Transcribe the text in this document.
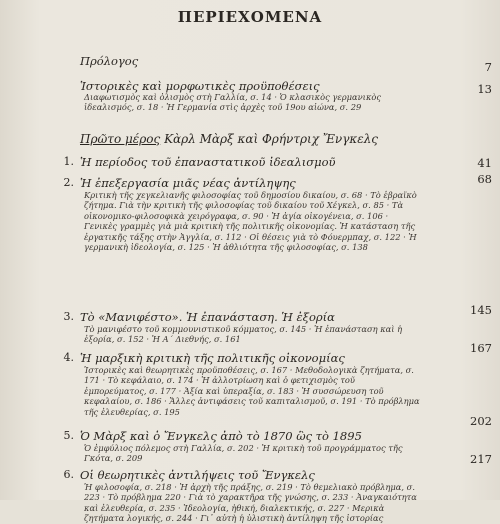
ΠΕΡΙΕΧΟΜΕΝΑ
Πρόλογος	7
Ἱστορικὲς καὶ μορφωτικὲς προϋποθέσεις
Διαφωτισμὸς καὶ ὀλισμὸς στὴ Γαλλία, σ. 14 · Ὁ κλασικὸς γερμανικὸς ἰδεαλισμός, σ. 18 · Ἡ Γερμανία στὶς ἀρχὲς τοῦ 19ου αἰώνα, σ. 29
13
Πρῶτο μέρος Κὰρλ Μὰρξ καὶ Φρήντριχ Ἔνγκελς
1. Ἡ περίοδος τοῦ ἐπαναστατικοῦ ἰδεαλισμοῦ	41
2. Ἡ ἐπεξεργασία μιᾶς νέας ἀντίληψης
Κριτικὴ τῆς χεγκελιανῆς φιλοσοφίας τοῦ δημοσίου δικαίου, σ. 68 · Τὸ ἑβραϊκὸ ζήτημα. Γιὰ τὴν κριτικὴ τῆς φιλοσοφίας τοῦ δικαίου τοῦ Χέγκελ, σ. 85 · Τὰ οἰκονομικο-φιλοσοφικὰ χειρόγραφα, σ. 90 · Ἡ ἁγία οἰκογένεια, σ. 106 · Γενικὲς γραμμὲς γιὰ μιὰ κριτικὴ τῆς πολιτικῆς οἰκονομίας. Ἡ κατάσταση τῆς ἐργατικῆς τάξης στὴν Ἀγγλία, σ. 112 · Οἱ θέσεις γιὰ τὸ Φόυερμπαχ, σ. 122 · Ἡ γερμανικὴ ἰδεολογία, σ. 125 · Ἡ ἀθλιότητα τῆς φιλοσοφίας, σ. 138
68
3. Τὸ «Μανιφέστο». Ἡ ἐπανάσταση. Ἡ ἐξορία
Τὸ μανιφέστο τοῦ κομμουνιστικοῦ κόμματος, σ. 145 · Ἡ ἐπανάσταση καὶ ἡ ἐξορία, σ. 152 · Ἡ Α΄ Διεθνής, σ. 161
145
4. Ἡ μαρξικὴ κριτικὴ τῆς πολιτικῆς οἰκονομίας
Ἱστορικὲς καὶ θεωρητικὲς προϋποθέσεις, σ. 167 · Μεθοδολογικὰ ζητήματα, σ. 171 · Τὸ κεφάλαιο, σ. 174 · Ἡ ἀλλοτρίωση καὶ ὁ φετιχισμὸς τοῦ ἐμπορεύματος, σ. 177 · Ἀξία καὶ ὑπεραξία, σ. 183 · Ἡ συσσώρευση τοῦ κεφαλαίου, σ. 186 · Ἄλλες ἀντιφάσεις τοῦ καπιταλισμοῦ, σ. 191 · Τὸ πρόβλημα τῆς ἐλευθερίας, σ. 195
167
5. Ὁ Μὰρξ καὶ ὁ Ἔνγκελς ἀπὸ τὸ 1870 ὣς τὸ 1895
Ὁ ἐμφύλιος πόλεμος στὴ Γαλλία, σ. 202 · Ἡ κριτικὴ τοῦ προγράμματος τῆς Γκότα, σ. 209
202
6. Οἱ θεωρητικὲς ἀντιλήψεις τοῦ Ἔνγκελς
Ἡ φιλοσοφία, σ. 218 · Ἡ ἀρχὴ τῆς πράξης, σ. 219 · Τὸ θεμελιακὸ πρόβλημα, σ. 223 · Τὸ πρόβλημα 220 · Γιὰ τὸ χαρακτῆρα τῆς γνώσης, σ. 233 · Ἀναγκαιότητα καὶ ἐλευθερία, σ. 235 · Ἰδεολογία, ἠθική, διαλεκτικής, σ. 227 · Μερικὰ ζητήματα λογικής, σ. 244 · Γι᾽ αὐτὴ ἡ ὑλιστικὴ ἀντίληψη τῆς ἱστορίας
217
